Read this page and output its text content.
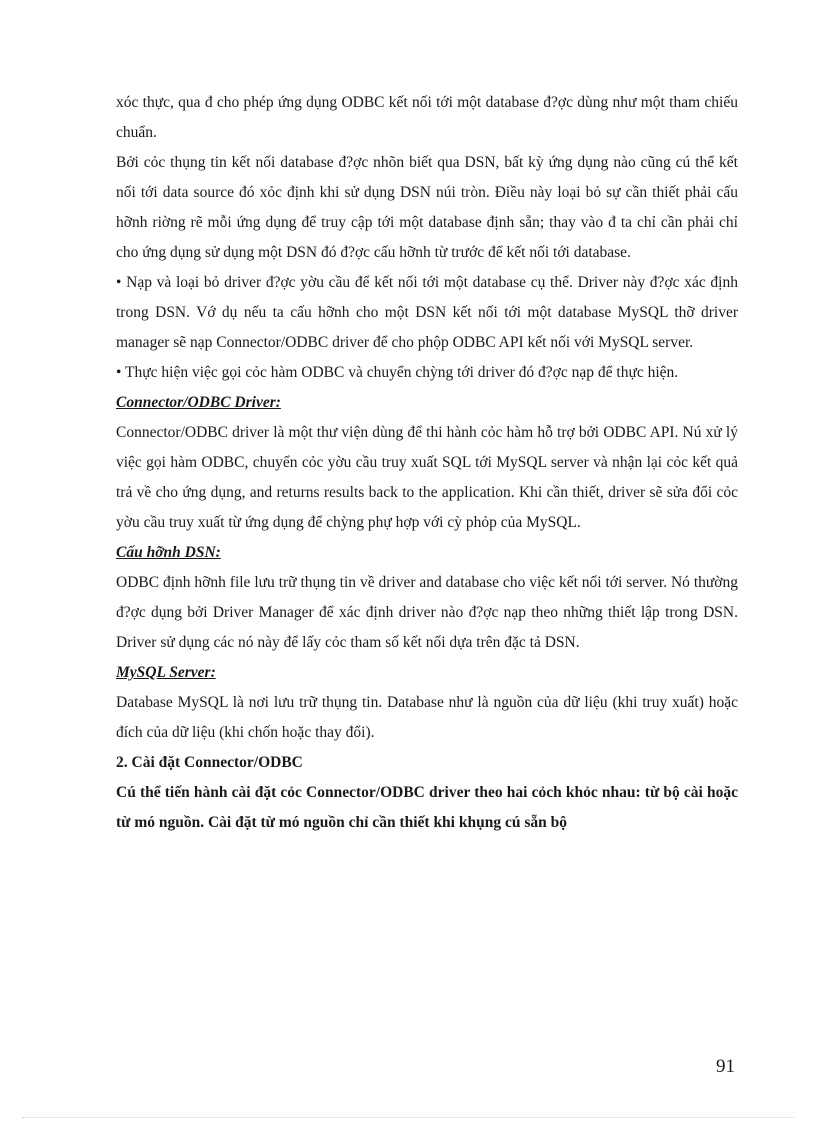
xóc thực, qua đ cho phép ứng dụng ODBC kết nối tới một database đ?ợc dùng như một tham chiếu chuẩn.

Bởi cỏc thụng tin kết nối database đ?ợc nhõn biết qua DSN, bất kỳ ứng dụng nào cũng cú thể kết nối tới data source đó xỏc định khi sử dụng DSN núi tròn. Điều này loại bỏ sự cần thiết phải cấu hỡnh riờng rẽ mỗi ứng dụng để truy cập tới một database định sẵn; thay vào đ ta chỉ cần phải chỉ cho ứng dụng sử dụng một DSN đó đ?ợc cấu hỡnh từ trước để kết nối tới database.

• Nạp và loại bỏ driver đ?ợc yờu cầu để kết nối tới một database cụ thể. Driver này đ?ợc xác định trong DSN. Vớ dụ nếu ta cấu hỡnh cho một DSN kết nối tới một database MySQL thỡ driver manager sẽ nạp Connector/ODBC driver để cho phộp ODBC API kết nối với MySQL server.

• Thực hiện việc gọi cỏc hàm ODBC và chuyển chỳng tới driver đó đ?ợc nạp để thực hiện.

Connector/ODBC Driver:

Connector/ODBC driver là một thư viện dùng để thi hành cỏc hàm hỗ trợ bởi ODBC API. Nú xử lý việc gọi hàm ODBC, chuyển cỏc yờu cầu truy xuất SQL tới MySQL server và nhận lại cỏc kết quả trả về cho ứng dụng, and returns results back to the application. Khi cần thiết, driver sẽ sửa đổi cỏc yờu cầu truy xuất từ ứng dụng để chỳng phự hợp với cỳ phỏp của MySQL.

Cấu hỡnh DSN:

ODBC định hỡnh file lưu trữ thụng tin về driver and database cho việc kết nối tới server. Nó thường đ?ợc dụng bởi Driver Manager để xác định driver nào đ?ợc nạp theo những thiết lập trong DSN. Driver sử dụng các nó này để lấy cỏc tham số kết nối dựa trên đặc tả DSN.

MySQL Server:

Database MySQL là nơi lưu trữ thụng tin. Database như là nguồn của dữ liệu (khi truy xuất) hoặc đích của dữ liệu (khi chốn hoặc thay đổi).

2. Cài đặt Connector/ODBC

Cú thể tiến hành cài đặt cỏc Connector/ODBC driver theo hai cỏch khỏc nhau: từ bộ cài hoặc từ mó nguồn. Cài đặt từ mó nguồn chỉ cần thiết khi khụng cú sẵn bộ

91
